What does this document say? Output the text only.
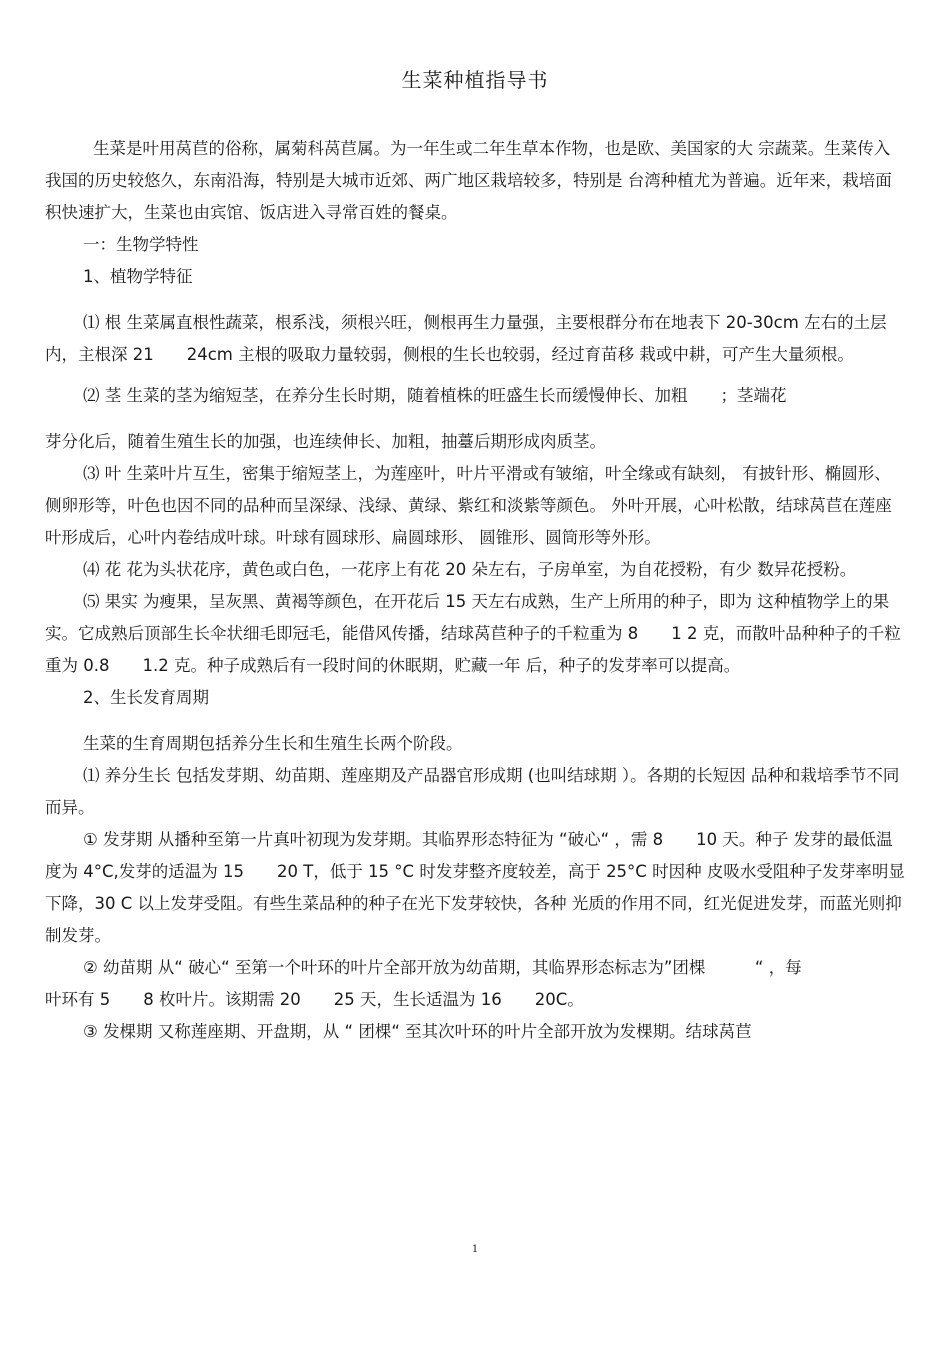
生菜种植指导书

生菜是叶用莴苣的俗称，属菊科莴苣属。为一年生或二年生草本作物，也是欧、美国家的大 宗蔬菜。生菜传入我国的历史较悠久，东南沿海，特别是大城市近郊、两广地区栽培较多，特别是 台湾种植尤为普遍。近年来，栽培面积快速扩大，生菜也由宾馆、饭店进入寻常百姓的餐桌。

一：生物学特性

1、植物学特征

⑴ 根 生菜属直根性蔬菜，根系浅，须根兴旺，侧根再生力量强，主要根群分布在地表下 20-30cm 左右的土层内，主根深 21　　24cm 主根的吸取力量较弱，侧根的生长也较弱，经过育苗移 栽或中耕，可产生大量须根。

⑵ 茎 生菜的茎为缩短茎，在养分生长时期，随着植株的旺盛生长而缓慢伸长、加粗　　；茎端花

芽分化后，随着生殖生长的加强，也连续伸长、加粗，抽薹后期形成肉质茎。

⑶ 叶 生菜叶片互生，密集于缩短茎上，为莲座叶，叶片平滑或有皱缩，叶全缘或有缺刻， 有披针形、椭圆形、侧卵形等，叶色也因不同的品种而呈深绿、浅绿、黄绿、紫红和淡紫等颜色。 外叶开展，心叶松散，结球莴苣在莲座叶形成后，心叶内卷结成叶球。叶球有圆球形、扁圆球形、 圆锥形、圆筒形等外形。

⑷ 花 花为头状花序，黄色或白色，一花序上有花 20 朵左右，子房单室，为自花授粉，有少 数异花授粉。

⑸ 果实 为瘦果，呈灰黑、黄褐等颜色，在开花后 15 天左右成熟，生产上所用的种子，即为 这种植物学上的果实。它成熟后顶部生长伞状细毛即冠毛，能借风传播，结球莴苣种子的千粒重为 8　　1 2 克，而散叶品种种子的千粒重为 0.8　　1.2 克。种子成熟后有一段时间的休眠期，贮藏一年 后，种子的发芽率可以提高。

2、生长发育周期

生菜的生育周期包括养分生长和生殖生长两个阶段。

⑴ 养分生长 包括发芽期、幼苗期、莲座期及产品器官形成期 (也叫结球期 ）。各期的长短因 品种和栽培季节不同而异。

① 发芽期 从播种至第一片真叶初现为发芽期。其临界形态特征为 “破心“ ，需 8　　10 天。种子 发芽的最低温度为 4°C,发芽的适温为 15　　20 T，低于 15 °C 时发芽整齐度较差，高于 25°C 时因种 皮吸水受阻种子发芽率明显下降，30 C 以上发芽受阻。有些生菜品种的种子在光下发芽较快，各种 光质的作用不同，红光促进发芽，而蓝光则抑制发芽。

② 幼苗期 从“ 破心“ 至第一个叶环的叶片全部开放为幼苗期，其临界形态标志为”团棵　　　“ ，每

叶环有 5　　8 枚叶片。该期需 20　　25 天，生长适温为 16　　20C。

③ 发棵期 又称莲座期、开盘期，从 “ 团棵“ 至其次叶环的叶片全部开放为发棵期。结球莴苣

1
